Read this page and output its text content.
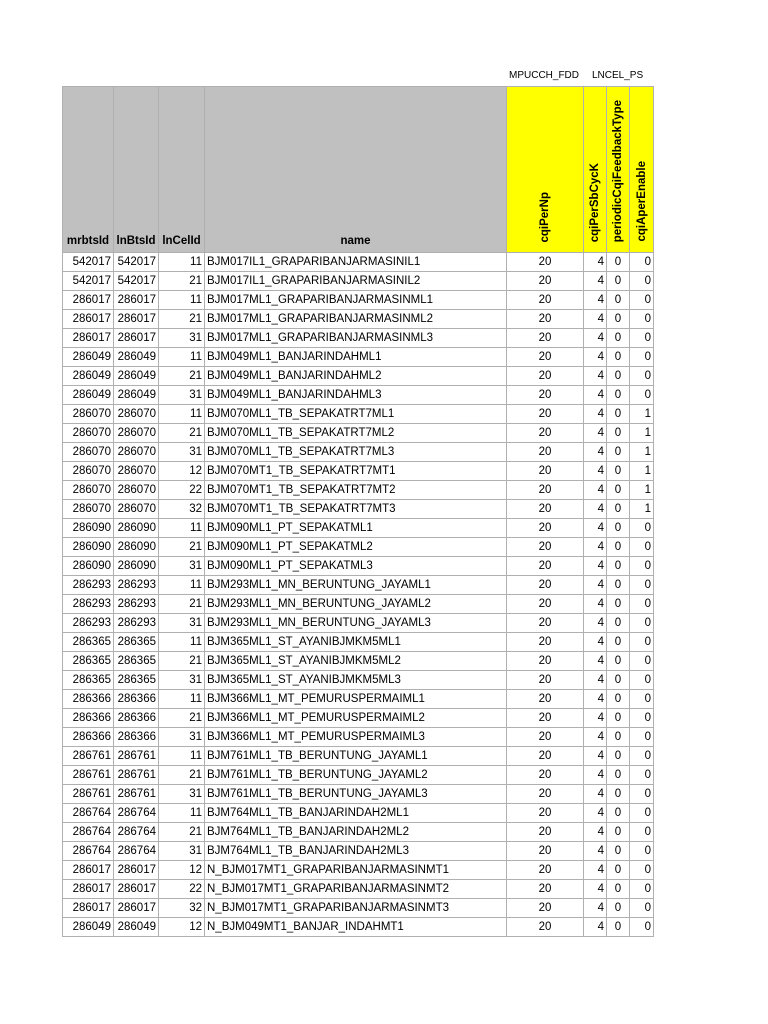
MPUCCH_FDD LNCEL_PS
mrbtsId	lnBtsId	lnCelId	name	cqiPerNp	cqiPerSbCycK	periodicCqiFeedbackType	cqiAperEnable
542017	542017	11	BJM017IL1_GRAPARIBANJARMASINIL1	20	4	0	0
542017	542017	21	BJM017IL1_GRAPARIBANJARMASINIL2	20	4	0	0
286017	286017	11	BJM017ML1_GRAPARIBANJARMASINML1	20	4	0	0
286017	286017	21	BJM017ML1_GRAPARIBANJARMASINML2	20	4	0	0
286017	286017	31	BJM017ML1_GRAPARIBANJARMASINML3	20	4	0	0
286049	286049	11	BJM049ML1_BANJARINDAHML1	20	4	0	0
286049	286049	21	BJM049ML1_BANJARINDAHML2	20	4	0	0
286049	286049	31	BJM049ML1_BANJARINDAHML3	20	4	0	0
286070	286070	11	BJM070ML1_TB_SEPAKATRT7ML1	20	4	0	1
286070	286070	21	BJM070ML1_TB_SEPAKATRT7ML2	20	4	0	1
286070	286070	31	BJM070ML1_TB_SEPAKATRT7ML3	20	4	0	1
286070	286070	12	BJM070MT1_TB_SEPAKATRT7MT1	20	4	0	1
286070	286070	22	BJM070MT1_TB_SEPAKATRT7MT2	20	4	0	1
286070	286070	32	BJM070MT1_TB_SEPAKATRT7MT3	20	4	0	1
286090	286090	11	BJM090ML1_PT_SEPAKATML1	20	4	0	0
286090	286090	21	BJM090ML1_PT_SEPAKATML2	20	4	0	0
286090	286090	31	BJM090ML1_PT_SEPAKATML3	20	4	0	0
286293	286293	11	BJM293ML1_MN_BERUNTUNG_JAYAML1	20	4	0	0
286293	286293	21	BJM293ML1_MN_BERUNTUNG_JAYAML2	20	4	0	0
286293	286293	31	BJM293ML1_MN_BERUNTUNG_JAYAML3	20	4	0	0
286365	286365	11	BJM365ML1_ST_AYANIBJMKM5ML1	20	4	0	0
286365	286365	21	BJM365ML1_ST_AYANIBJMKM5ML2	20	4	0	0
286365	286365	31	BJM365ML1_ST_AYANIBJMKM5ML3	20	4	0	0
286366	286366	11	BJM366ML1_MT_PEMURUSPERMAIML1	20	4	0	0
286366	286366	21	BJM366ML1_MT_PEMURUSPERMAIML2	20	4	0	0
286366	286366	31	BJM366ML1_MT_PEMURUSPERMAIML3	20	4	0	0
286761	286761	11	BJM761ML1_TB_BERUNTUNG_JAYAML1	20	4	0	0
286761	286761	21	BJM761ML1_TB_BERUNTUNG_JAYAML2	20	4	0	0
286761	286761	31	BJM761ML1_TB_BERUNTUNG_JAYAML3	20	4	0	0
286764	286764	11	BJM764ML1_TB_BANJARINDAH2ML1	20	4	0	0
286764	286764	21	BJM764ML1_TB_BANJARINDAH2ML2	20	4	0	0
286764	286764	31	BJM764ML1_TB_BANJARINDAH2ML3	20	4	0	0
286017	286017	12	N_BJM017MT1_GRAPARIBANJARMASINMT1	20	4	0	0
286017	286017	22	N_BJM017MT1_GRAPARIBANJARMASINMT2	20	4	0	0
286017	286017	32	N_BJM017MT1_GRAPARIBANJARMASINMT3	20	4	0	0
286049	286049	12	N_BJM049MT1_BANJAR_INDAHMT1	20	4	0	0
